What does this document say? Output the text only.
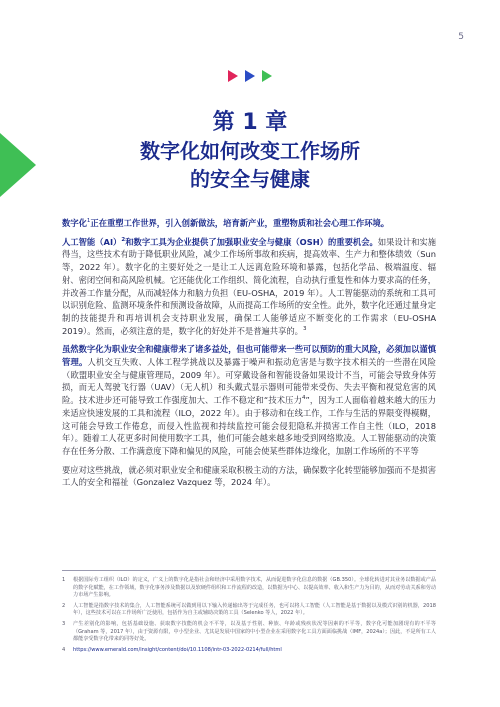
5
第 1 章
数字化如何改变工作场所
的安全与健康

数字化$^1$正在重塑工作世界，引入创新做法，培育新产业，重塑物质和社会心理工作环境。

人工智能（AI）$^2$和数字工具为企业提供了加强职业安全与健康（OSH）的重要机会。如果设计和实施得当，这些技术有助于降低职业风险，减少工作场所事故和疾病，提高效率、生产力和整体绩效（Sun 等，2022 年）。数字化的主要好处之一是让工人远离危险环境和暴露，包括化学品、极端温度、辐射、密闭空间和高风险机械。它还能优化工作组织、简化流程，自动执行重复性和体力要求高的任务，并改善工作量分配，从而减轻体力和脑力负担（EU-OSHA，2019 年）。人工智能驱动的系统和工具可以识别危险、监测环境条件和预测设备故障，从而提高工作场所的安全性。此外，数字化还通过量身定制的技能提升和再培训机会支持职业发展，确保工人能够适应不断变化的工作需求（EU-OSHA 2019）。然而，必须注意的是，数字化的好处并不是普遍共享的。$^3$

虽然数字化为职业安全和健康带来了诸多益处，但也可能带来一些可以预防的重大风险，必须加以谨慎管理。人机交互失败、人体工程学挑战以及暴露于噪声和振动危害是与数字技术相关的一些潜在风险（欧盟职业安全与健康管理局，2009 年）。可穿戴设备和智能设备如果设计不当，可能会导致身体劳损，而无人驾驶飞行器（UAV）（无人机）和头戴式显示器则可能带来受伤、失去平衡和视觉危害的风险。技术进步还可能导致工作强度加大、工作不稳定和“技术压力$^4$”，因为工人面临着越来越大的压力来适应快速发展的工具和流程（ILO，2022 年）。由于移动和在线工作，工作与生活的界限变得模糊，这可能会导致工作倦怠，而侵入性监视和持续监控可能会侵犯隐私并损害工作自主性（ILO，2018 年）。随着工人花更多时间使用数字工具，他们可能会越来越多地受到网络欺凌。人工智能驱动的决策存在任务分散、工作满意度下降和偏见的风险，可能会使某些群体边缘化，加剧工作场所的不平等

要应对这些挑战，就必须对职业安全和健康采取积极主动的方法，确保数字化转型能够加强而不是损害工人的安全和福祉（Gonzalez Vazquez 等，2024 年）。

1	根据国际劳工组织（ILO）的定义，广义上的数字化是指社会和经济中采用数字技术，从而促进数字化信息的数据（GB.350）。全球化转进对其业务以数据或产品的数字化赋能，在工作领域，数字化事务涉及数据以及软硬件组织和工作流程的改造，以数据为中心、以提高效率、收入和生产力为目的，从而对劳动关系和劳动力市场产生影响。
2	人工智能是指数字技术的集合，人工智能系统可以做到用以下输入传递输出等于完成任务，也可以将人工智能（人工智能是基于数据以及模式识别的机器，2018 年），这些技术可以在工作场所广泛使用，包括作为自主或辅助决策的工具（Selenko 等人，2022 年）。
3	产生差别化的影响，包括基础设施、获取数字技能的机会不平等，以及基于性别、种族、年龄或残疾状况等因素的不平等，数字化可能加剧现有的不平等（Graham 等，2017 年），由于资源有限，中小型企业、尤其是发展中国家的中小型企业在采用数字化工具方面面临挑战（IMF，2024a）；因此，不是所有工人都能享受数字化带来的同等好处。
4	https://www.emerald.com/insight/content/doi/10.1108/intr-03-2022-0214/full/html
